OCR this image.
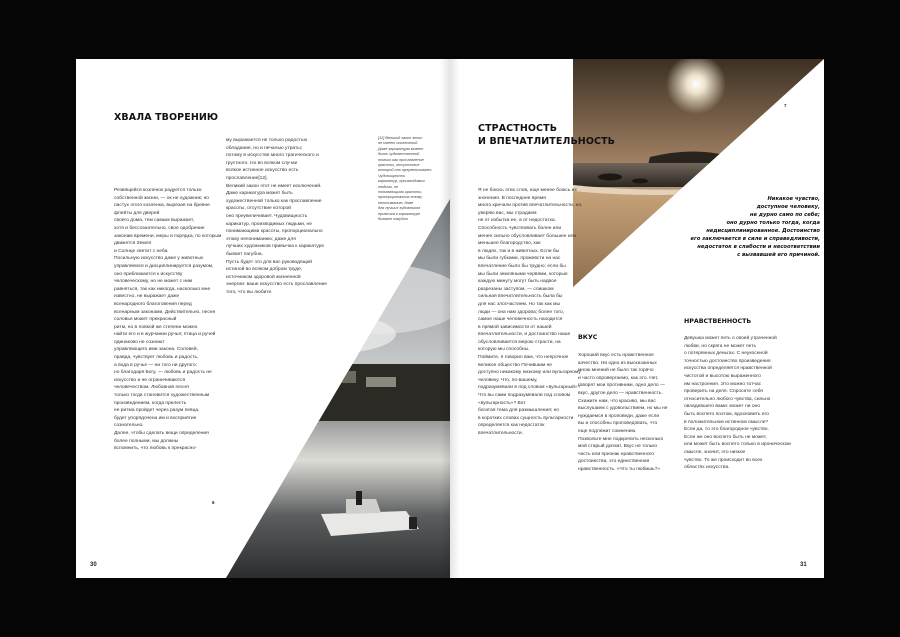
ХВАЛА ТВОРЕНИЮ

Резвящейся козленок радуется только
собственной жизни, — ок не художник; но пастух этого козленка, вырезая на бревне флейты для дверей
своего дома, тем самым выражает,
хотя и бессознательно, свое одобрение законам времени, меры и порядка, по которым движется Земля
и Солнце светит с неба.
Посильную искусство даже у животных
управляемся и дисциплинируется разумом, оно приближается к искусству
человеческому, но не может с ним
равняться, так как никогда, насколько мне известно, не выражает даже
всенародного благоговения перед
всенарным законами. Действительно, песня соловья может прекрасный
ритм, но в ловкой же степени можно
найти его и в журчании ручья; птица и ручей одинаково не сознают
управляющего ими закона. Соловей,
правда, чувствует любовь и радость,
а вода в ручье — ни того ни другого;
но благодаря Богу, — любовь и радость не искусство и не ограничиваются человечеством. Любовная песня
только тогда становится художественным произведением, когда прелесть
ее ритма пройдет через разум певца,
будет упорядочена им и восприятие
сознательно.
Далее, чтобы сделать вещи определения более полными, мы должны
вспомнить, что любовь к прекрасно-

му выражается не только радостью
обладания, но и печалью утраты;
потому в искусстве много трагического и грустного. Но во всяком случае
всякое истинное искусство есть прославление[12].
Великий закон этот не имеет исключений. Даже карикатура может быть
художественной только как прославление красоты, отсутствие которой
оно преувеличивает. Чудовищность
карикатур, производимых людьми, не
понимающими красоты, пропорционально этому непониманию; даже для
лучших художников привычка к карикатуре бывает пагубна.
Пусть будет это для вас руководящей
истиной во всяком добром труде,
источником здоровой жизненной
энергии: ваше искусство есть прославление того, что вы любите.

[12] Великий закон этот
не имеет исключений.
Даже карикатура может
быть художественной
только как прославление
красоты, отсутствие
которой оно преувеличивает. Чудовищность
карикатур, производимых людьми, не
понимающими красоты,
пропорциональна этому
непониманию; даже
для лучших художников
привычка к карикатуре
бывает пагубна.

6
30
СТРАСТНОСТЬ
И ВПЕЧАТЛИТЕЛЬНОСТЬ

Я не боюсь этих слов, еще менее боюсь их значения. В последнее время
много кричали против впечатлительности, но, уверяю вас, мы страдаем
не от избытка ее, а от недостатка.
Способность чувствовать более или
менее сильно обусловливает большее или меньшее благородство, как
в людях, так и в животных. Если бы
мы были губками, прожевсти на нас
впечатление было бы трудно; если бы
мы были земляными червями, которые
каждую минуту могут быть надвое
разрезаны заступом, — слишком
сильная впечатлительность была бы
для нас злосчастием. Но так как мы
люди — она нам здорова; более того,
самое наше человечность находится
в прямой зависимости от нашей впечатлительности, и достоинство наше
обусловливается мерою страсти, на
которую мы способны.
Поймите, я говорил вам, что непрочное великое общество Почившим не
доступно никакому низкому или вульгарному человеку. Что, по-вашему,
подразумевали в под словом «вульгарный»? Что вы сами подразумевали под словом «вульгарность»? Вот
богатая тема для размышления; но
в коротких словах сущность вульгарности определяется как недостаток
впечатлительности.

ВКУС

Хороший вкус есть нравственное
качество. Ни одно из высказанных
мною мнений не было так горячо
и часто опровергаемо, как это. Нет,
говорят мои противники, одно дело —
вкус, другое дело — нравственность.
Скажите нам, что красиво, мы вас
выслушаем с удовольствием, но мы не
нуждаемся в проповеди, даже если
вы и способны проповедовать, что
еще подлежит сомнению.
Позвольте мне подкрепить несколько
мой старый догмат. Вкус не только
часть или признак нравственного
достоинства, это единственная нравственность. «Что ты любишь?»

НРАВСТВЕННОСТЬ

Девушка может петь о своей утраченной любви, но скряга не может петь
о потерянных деньгах. С неукоснной
точностью достоинство произведения
искусства определяется нравственной
чистотой и высотою выраженного
им настроения. Это можно тотчас
проверить на деле. Спросите себя
относительно любого чувства, сильно овладевшего вами: может ли оно
быть воспето поэтом, вдохновить его
в положительном истинном смысле?
Если да, то это благородное чувство.
Если же оно воспето быть не может,
или может быть воспето только в ироническом смысле, значит, это низкое
чувство. То же происходит во всех
областях искусства.

Никакое чувство,
доступное человеку,
не дурно само по себе;
оно дурно только тогда, когда
недисциплинированное. Достоинство
его заключается в силе и справедливости,
недостаток в слабости и несоответствии
с вызвавшей его причиной.

7
31
